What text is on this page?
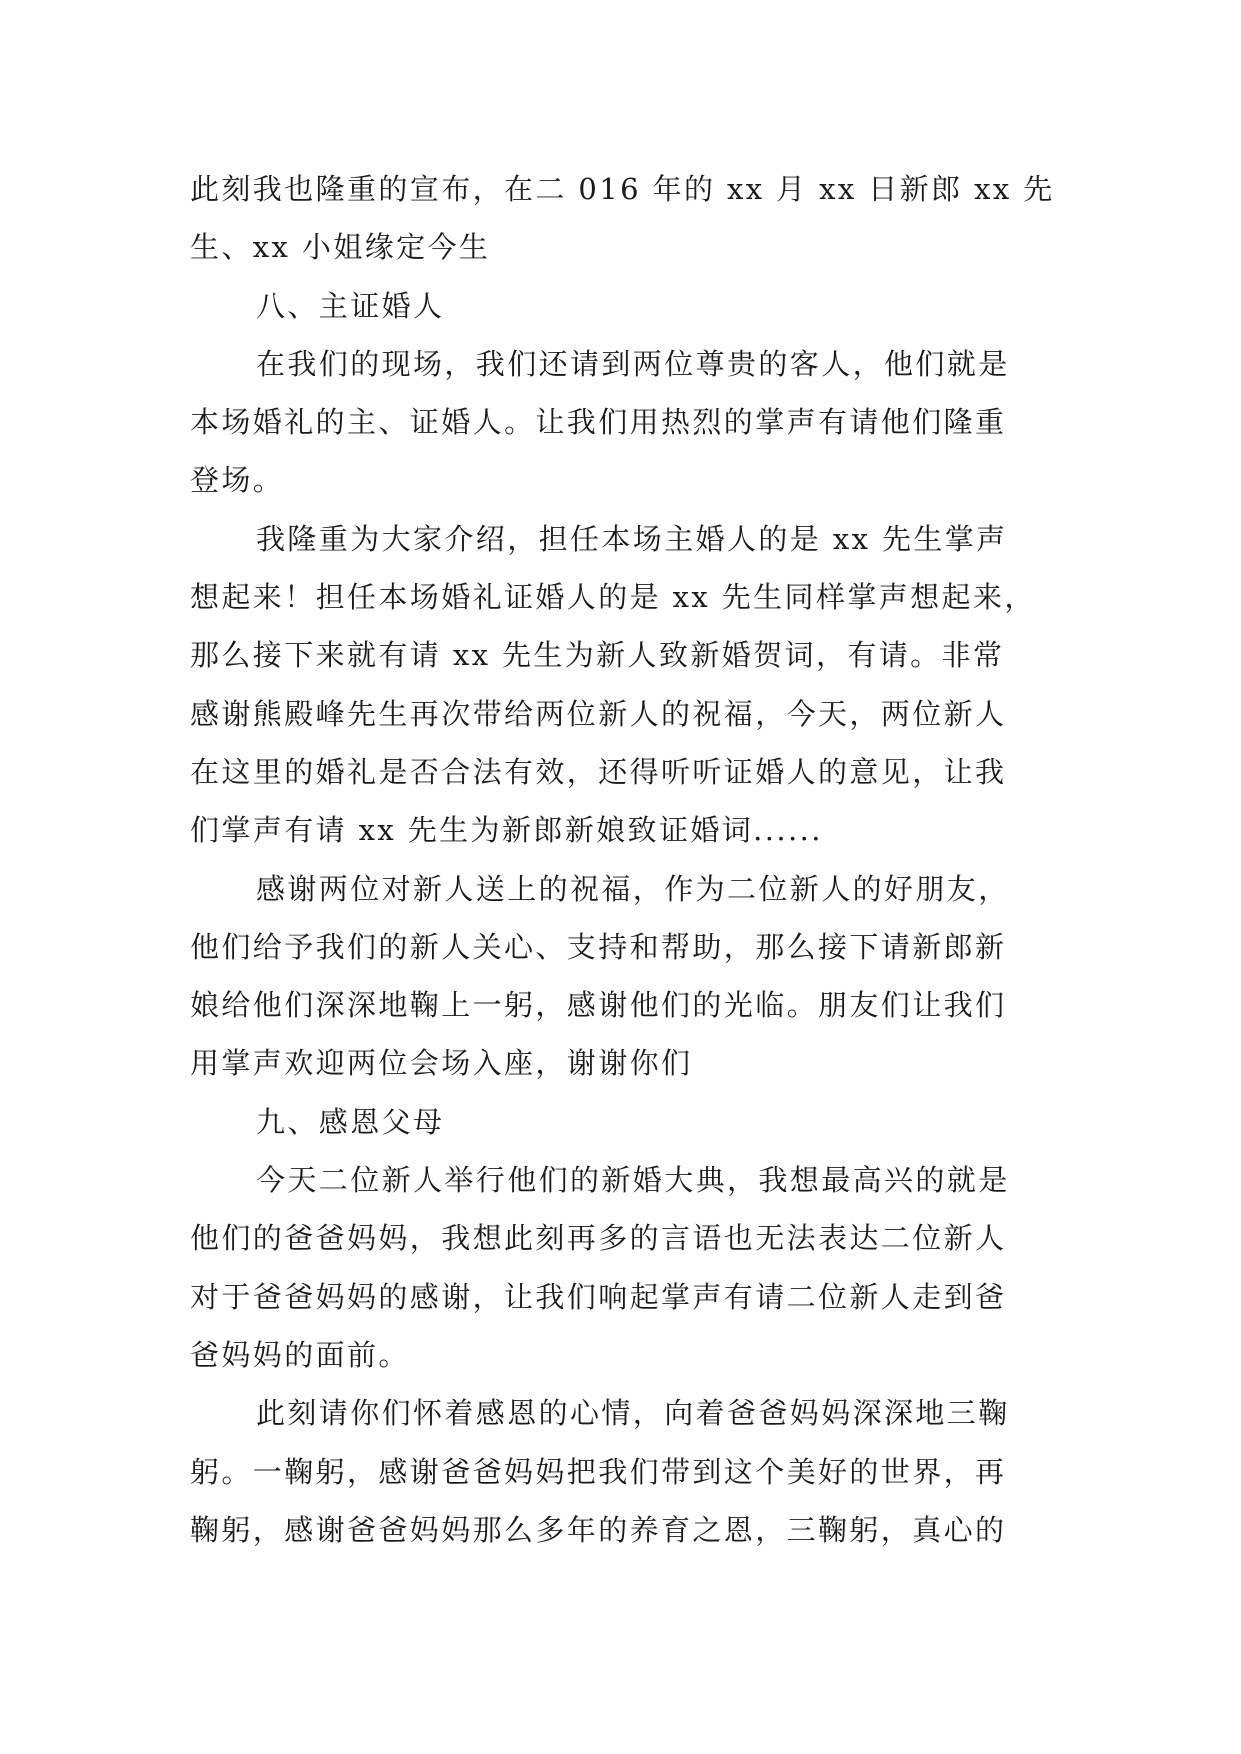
此刻我也隆重的宣布，在二 016 年的 xx 月 xx 日新郎 xx 先
生、xx 小姐缘定今生

八、主证婚人

在我们的现场，我们还请到两位尊贵的客人，他们就是
本场婚礼的主、证婚人。让我们用热烈的掌声有请他们隆重
登场。

我隆重为大家介绍，担任本场主婚人的是 xx 先生掌声
想起来！担任本场婚礼证婚人的是 xx 先生同样掌声想起来，
那么接下来就有请 xx 先生为新人致新婚贺词，有请。非常
感谢熊殿峰先生再次带给两位新人的祝福，今天，两位新人
在这里的婚礼是否合法有效，还得听听证婚人的意见，让我
们掌声有请 xx 先生为新郎新娘致证婚词......

感谢两位对新人送上的祝福，作为二位新人的好朋友，
他们给予我们的新人关心、支持和帮助，那么接下请新郎新
娘给他们深深地鞠上一躬，感谢他们的光临。朋友们让我们
用掌声欢迎两位会场入座，谢谢你们

九、感恩父母

今天二位新人举行他们的新婚大典，我想最高兴的就是
他们的爸爸妈妈，我想此刻再多的言语也无法表达二位新人
对于爸爸妈妈的感谢，让我们响起掌声有请二位新人走到爸
爸妈妈的面前。

此刻请你们怀着感恩的心情，向着爸爸妈妈深深地三鞠
躬。一鞠躬，感谢爸爸妈妈把我们带到这个美好的世界，再
鞠躬，感谢爸爸妈妈那么多年的养育之恩，三鞠躬，真心的
